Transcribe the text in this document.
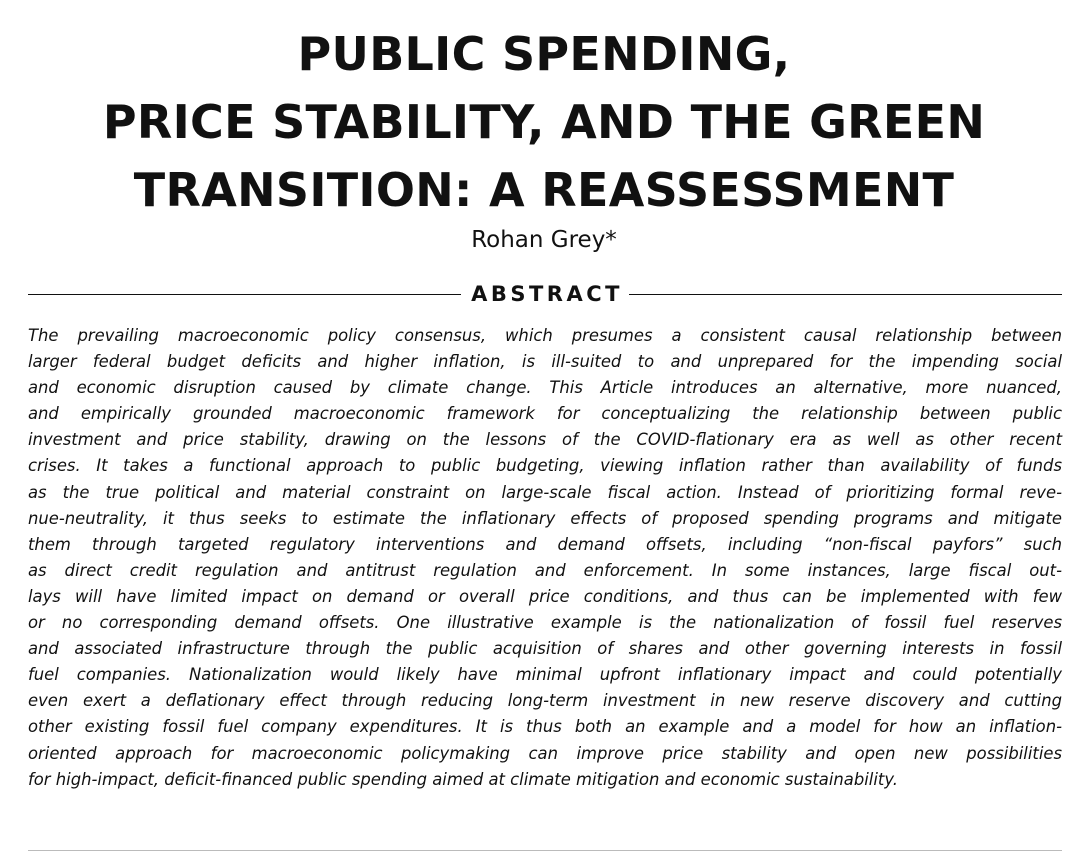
PUBLIC SPENDING,
PRICE STABILITY, AND THE GREEN
TRANSITION: A REASSESSMENT
Rohan Grey*
ABSTRACT
The prevailing macroeconomic policy consensus, which presumes a consistent causal relationship between
larger federal budget deficits and higher inflation, is ill-suited to and unprepared for the impending social
and economic disruption caused by climate change. This Article introduces an alternative, more nuanced,
and empirically grounded macroeconomic framework for conceptualizing the relationship between public
investment and price stability, drawing on the lessons of the COVID-flationary era as well as other recent
crises. It takes a functional approach to public budgeting, viewing inflation rather than availability of funds
as the true political and material constraint on large-scale fiscal action. Instead of prioritizing formal reve-
nue-neutrality, it thus seeks to estimate the inflationary effects of proposed spending programs and mitigate
them through targeted regulatory interventions and demand offsets, including “non-fiscal payfors” such
as direct credit regulation and antitrust regulation and enforcement. In some instances, large fiscal out-
lays will have limited impact on demand or overall price conditions, and thus can be implemented with few
or no corresponding demand offsets. One illustrative example is the nationalization of fossil fuel reserves
and associated infrastructure through the public acquisition of shares and other governing interests in fossil
fuel companies. Nationalization would likely have minimal upfront inflationary impact and could potentially
even exert a deflationary effect through reducing long-term investment in new reserve discovery and cutting
other existing fossil fuel company expenditures. It is thus both an example and a model for how an inflation-
oriented approach for macroeconomic policymaking can improve price stability and open new possibilities
for high-impact, deficit-financed public spending aimed at climate mitigation and economic sustainability.
